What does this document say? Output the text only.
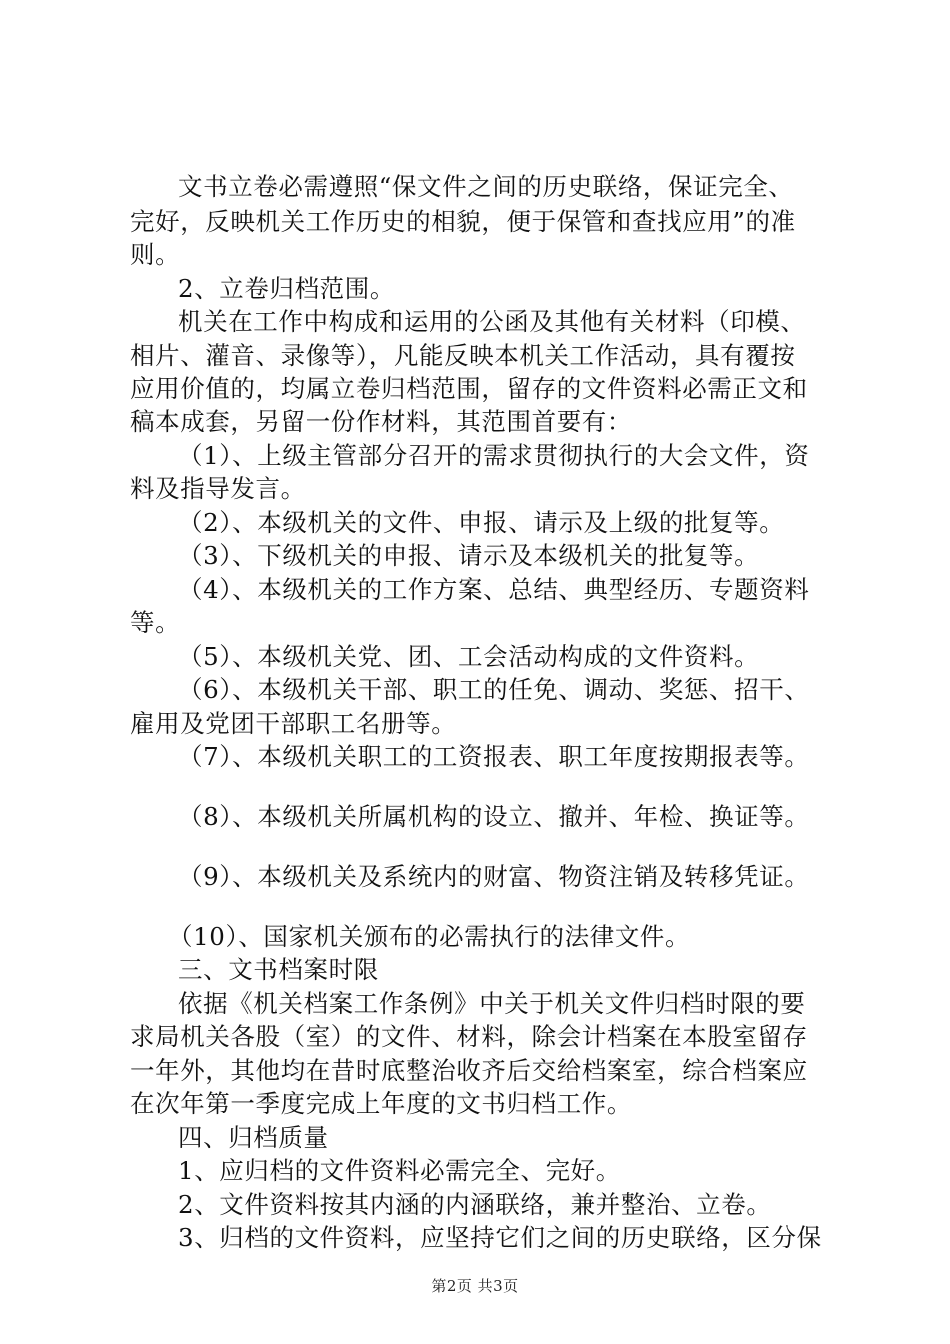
文书立卷必需遵照“保文件之间的历史联络，保证完全、
完好，反映机关工作历史的相貌，便于保管和查找应用”的准
则。
2、立卷归档范围。
机关在工作中构成和运用的公函及其他有关材料（印模、
相片、灌音、录像等），凡能反映本机关工作活动，具有覆按
应用价值的，均属立卷归档范围，留存的文件资料必需正文和
稿本成套，另留一份作材料，其范围首要有：
（1）、上级主管部分召开的需求贯彻执行的大会文件，资
料及指导发言。
（2）、本级机关的文件、申报、请示及上级的批复等。
（3）、下级机关的申报、请示及本级机关的批复等。
（4）、本级机关的工作方案、总结、典型经历、专题资料
等。
（5）、本级机关党、团、工会活动构成的文件资料。
（6）、本级机关干部、职工的任免、调动、奖惩、招干、
雇用及党团干部职工名册等。
（7）、本级机关职工的工资报表、职工年度按期报表等。
（8）、本级机关所属机构的设立、撤并、年检、换证等。
（9）、本级机关及系统内的财富、物资注销及转移凭证。
（10）、国家机关颁布的必需执行的法律文件。
三、文书档案时限
依据《机关档案工作条例》中关于机关文件归档时限的要
求局机关各股（室）的文件、材料，除会计档案在本股室留存
一年外，其他均在昔时底整治收齐后交给档案室，综合档案应
在次年第一季度完成上年度的文书归档工作。
四、归档质量
1、应归档的文件资料必需完全、完好。
2、文件资料按其内涵的内涵联络，兼并整治、立卷。
3、归档的文件资料，应坚持它们之间的历史联络，区分保
第2页 共3页
